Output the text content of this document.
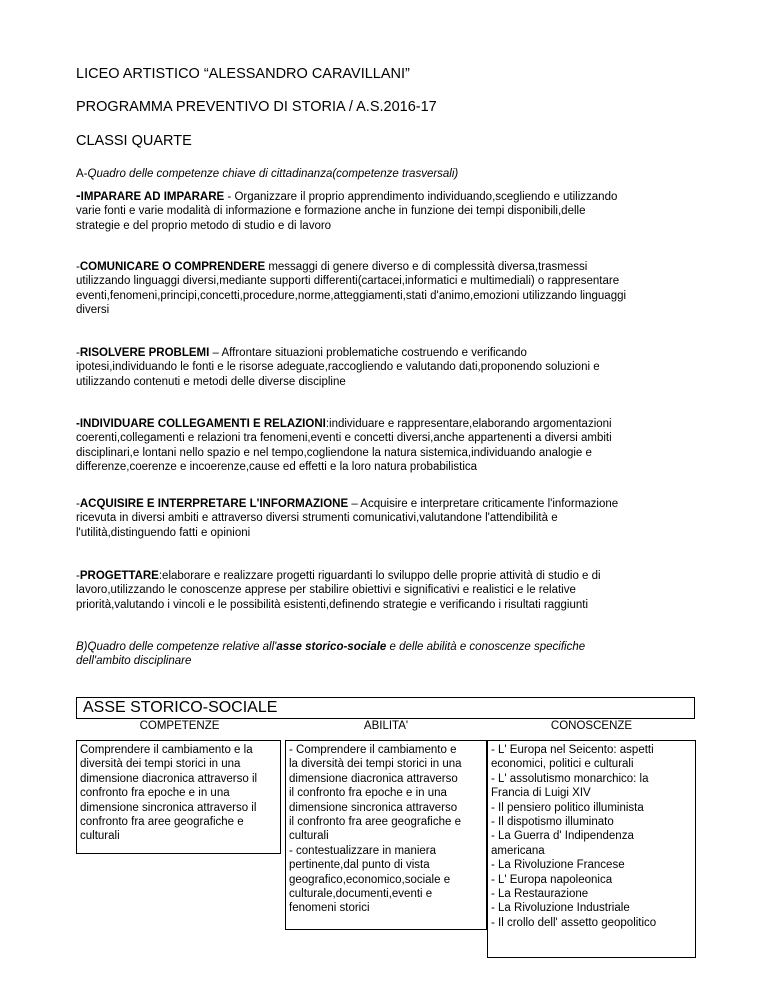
LICEO ARTISTICO “ALESSANDRO CARAVILLANI”
PROGRAMMA PREVENTIVO DI STORIA / A.S.2016-17
CLASSI QUARTE
A-Quadro delle competenze chiave di cittadinanza(competenze trasversali)
-IMPARARE AD IMPARARE - Organizzare il proprio apprendimento individuando,scegliendo e utilizzando
varie fonti e varie modalità di informazione e formazione anche in funzione dei tempi disponibili,delle
strategie e del proprio metodo di studio e di lavoro
-COMUNICARE O COMPRENDERE messaggi di genere diverso e di complessità diversa,trasmessi
utilizzando linguaggi diversi,mediante supporti differenti(cartacei,informatici e multimediali) o rappresentare
eventi,fenomeni,principi,concetti,procedure,norme,atteggiamenti,stati d'animo,emozioni utilizzando linguaggi
diversi
-RISOLVERE PROBLEMI – Affrontare situazioni problematiche costruendo e verificando
ipotesi,individuando le fonti e le risorse adeguate,raccogliendo e valutando dati,proponendo soluzioni e
utilizzando contenuti e metodi delle diverse discipline
-INDIVIDUARE COLLEGAMENTI E RELAZIONI:individuare e rappresentare,elaborando argomentazioni
coerenti,collegamenti e relazioni tra fenomeni,eventi e concetti diversi,anche appartenenti a diversi ambiti
disciplinari,e lontani nello spazio e nel tempo,cogliendone la natura sistemica,individuando analogie e
differenze,coerenze e incoerenze,cause ed effetti e la loro natura probabilistica
-ACQUISIRE E INTERPRETARE L'INFORMAZIONE – Acquisire e interpretare criticamente l'informazione
ricevuta in diversi ambiti e attraverso diversi strumenti comunicativi,valutandone l'attendibilità e
l'utilità,distinguendo fatti e opinioni
-PROGETTARE:elaborare e realizzare progetti riguardanti lo sviluppo delle proprie attività di studio e di
lavoro,utilizzando le conoscenze apprese per stabilire obiettivi e significativi e realistici e le relative
priorità,valutando i vincoli e le possibilità esistenti,definendo strategie e verificando i risultati raggiunti
B)Quadro delle competenze relative all'asse storico-sociale e delle abilità e conoscenze specifiche
dell'ambito disciplinare
ASSE STORICO-SOCIALE
COMPETENZE	ABILITA'	CONOSCENZE
Comprendere il cambiamento e la
diversità dei tempi storici in una
dimensione diacronica attraverso il
confronto fra epoche e in una
dimensione sincronica attraverso il
confronto fra aree geografiche e
culturali
- Comprendere il cambiamento e
la diversità dei tempi storici in una
dimensione diacronica attraverso
il confronto fra epoche e in una
dimensione sincronica attraverso
il confronto fra aree geografiche e
culturali
- contestualizzare in maniera
pertinente,dal punto di vista
geografico,economico,sociale e
culturale,documenti,eventi e
fenomeni storici
- L' Europa nel Seicento: aspetti
economici, politici e culturali
- L' assolutismo monarchico: la
Francia di Luigi XIV
- Il pensiero politico illuminista
- Il dispotismo illuminato
- La Guerra d' Indipendenza
americana
- La Rivoluzione Francese
- L' Europa napoleonica
- La Restaurazione
- La Rivoluzione Industriale
- Il crollo dell' assetto geopolitico
